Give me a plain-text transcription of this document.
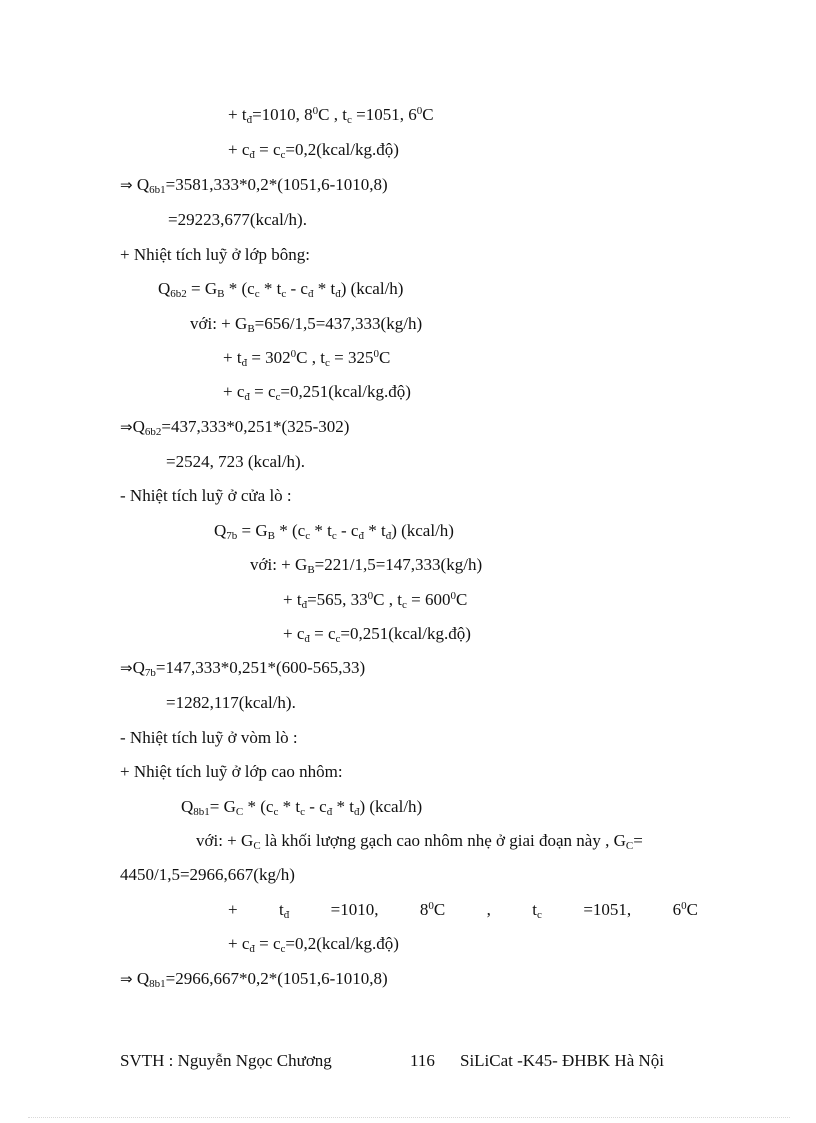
+ $t_đ=1010$, $8^0C$ , $t_c =1051$, $6^0C$
+ $c_đ$ = $c_c=0,2(kcal/kg.độ)$
⇒ $Q_{6b1}=3581,333*0,2*(1051,6-1010,8)$
=29223,677(kcal/h).
+ Nhiệt tích luỹ ở lớp bông:
$Q_{6b2} = G_B * (c_c * t_c - c_đ * t_đ)$ (kcal/h)
với: + $G_B=656/1,5=437,333(kg/h)$
+ $t_đ = 302^0C$ , $t_c = 325^0C$
+ $c_đ$ = $c_c=0,251(kcal/kg.độ)$
$\Rightarrow Q_{6b2}=437,333*0,251*(325-302)$
=2524, 723 (kcal/h).
- Nhiệt tích luỹ ở cửa lò :
$Q_{7b} = G_B * (c_c * t_c - c_đ * t_đ)$ (kcal/h)
với: + $G_B=221/1,5=147,333(kg/h)$
+ $t_đ=565$, $33^0C$ , $t_c = 600^0C$
+ $c_đ$ = $c_c=0,251(kcal/kg.độ)$
$\Rightarrow Q_{7b}=147,333*0,251*(600-565,33)$
=1282,117(kcal/h).
- Nhiệt tích luỹ ở vòm lò :
+ Nhiệt tích luỹ ở lớp cao nhôm:
$Q_{8b1}= G_C * (c_c * t_c - c_đ * t_đ)$ (kcal/h)
với: + $G_C$ là khối lượng gạch cao nhôm nhẹ ở giai đoạn này , $G_C=$
4450/1,5=2966,667(kg/h)
+ $t_đ =1010$, $8^0C$ , $t_c =1051$, $6^0C$
+ $c_đ$ = $c_c=0,2(kcal/kg.độ)$
⇒ $Q_{8b1}=2966,667*0,2*(1051,6-1010,8)$
SVTH : Nguyễn Ngọc Chương	116 SiLiCat -K45- ĐHBK Hà Nội
